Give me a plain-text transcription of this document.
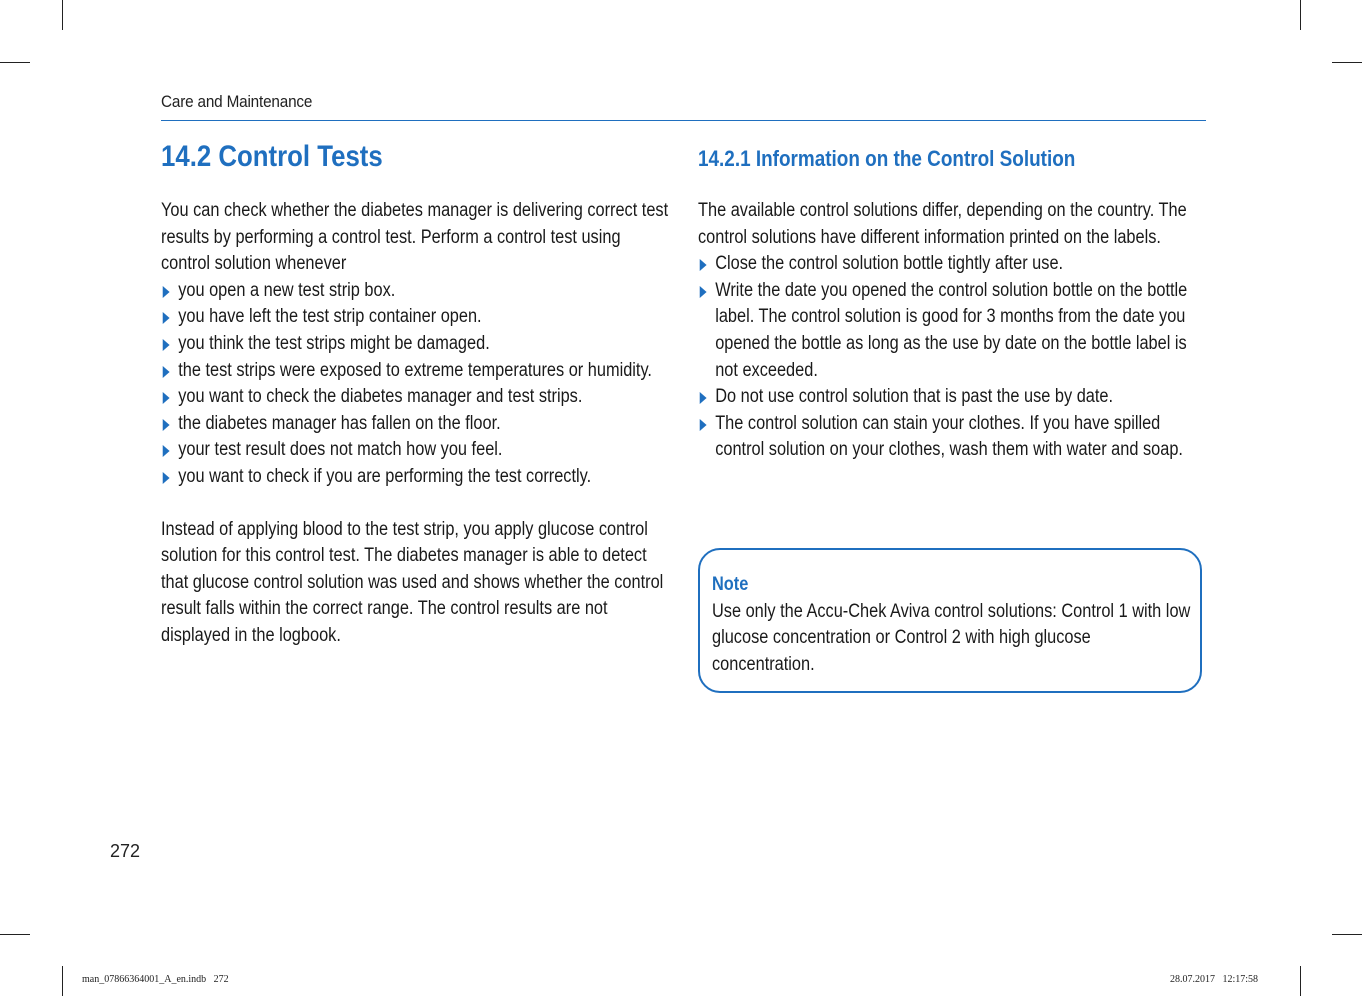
Care and Maintenance
14.2 Control Tests

You can check whether the diabetes manager is delivering correct test results by performing a control test. Perform a control test using control solution whenever

you open a new test strip box.
you have left the test strip container open.
you think the test strips might be damaged.
the test strips were exposed to extreme temperatures or humidity.
you want to check the diabetes manager and test strips.
the diabetes manager has fallen on the floor.
your test result does not match how you feel.
you want to check if you are performing the test correctly.

Instead of applying blood to the test strip, you apply glucose control solution for this control test. The diabetes manager is able to detect that glucose control solution was used and shows whether the control result falls within the correct range. The control results are not displayed in the logbook.

14.2.1 Information on the Control Solution

The available control solutions differ, depending on the country. The control solutions have different information printed on the labels.

Close the control solution bottle tightly after use.
Write the date you opened the control solution bottle on the bottle label. The control solution is good for 3 months from the date you opened the bottle as long as the use by date on the bottle label is not exceeded.
Do not use control solution that is past the use by date.
The control solution can stain your clothes. If you have spilled control solution on your clothes, wash them with water and soap.
Note

Use only the Accu-Chek Aviva control solutions: Control 1 with low glucose concentration or Control 2 with high glucose concentration.

272
man_07866364001_A_en.indb   272	28.07.2017   12:17:58
